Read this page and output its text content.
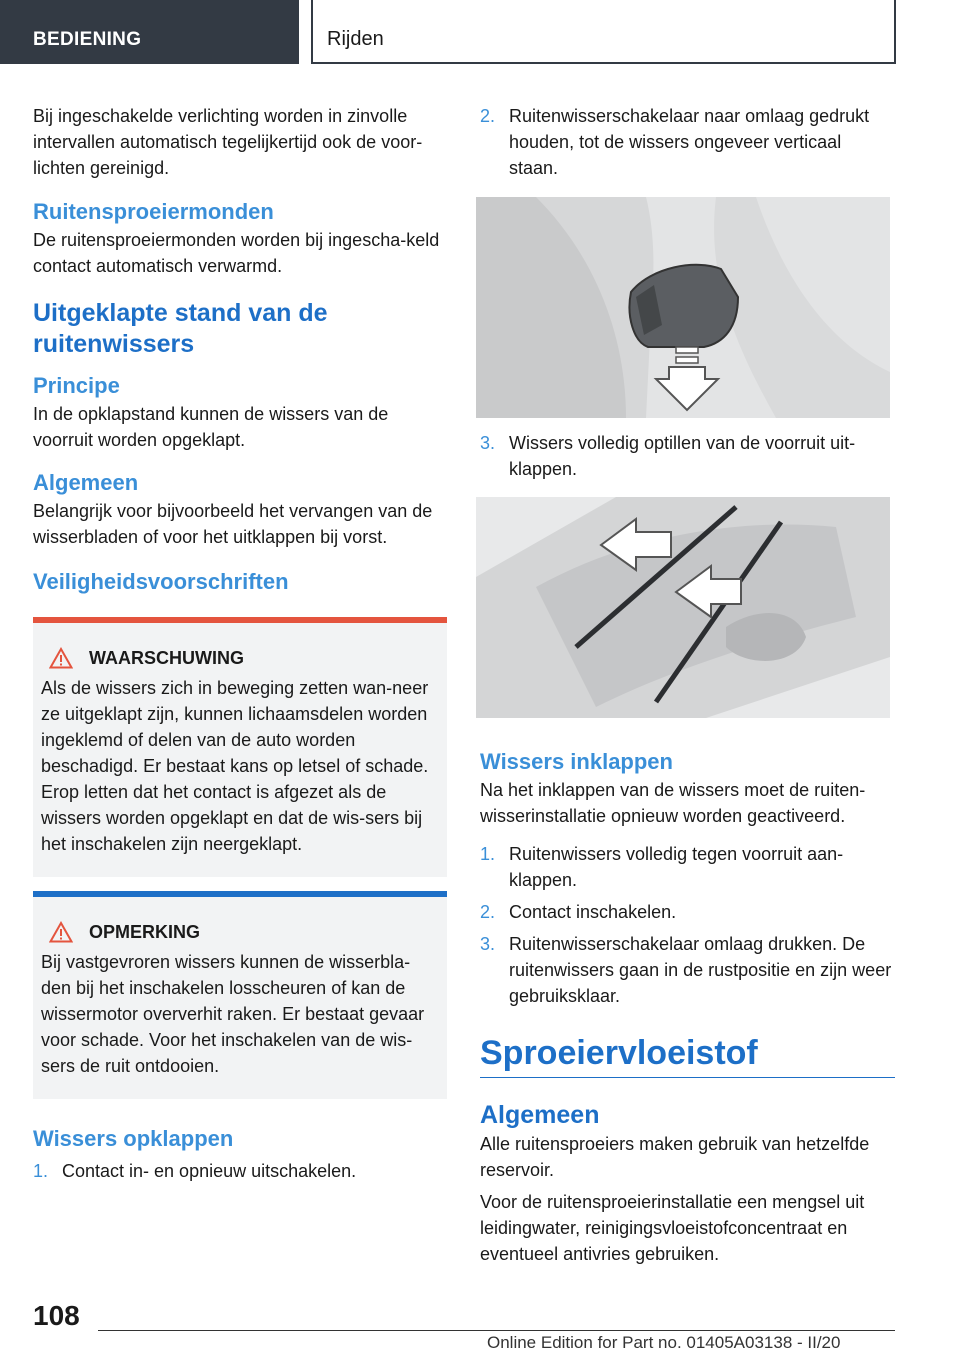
BEDIENING	Rijden

Bij ingeschakelde verlichting worden in zinvolle intervallen automatisch tegelijkertijd ook de voor-lichten gereinigd.

Ruitensproeiermonden

De ruitensproeiermonden worden bij ingescha-keld contact automatisch verwarmd.

Uitgeklapte stand van de ruitenwissers
Principe

In de opklapstand kunnen de wissers van de voorruit worden opgeklapt.

Algemeen

Belangrijk voor bijvoorbeeld het vervangen van de wisserbladen of voor het uitklappen bij vorst.

Veiligheidsvoorschriften
WAARSCHUWING

Als de wissers zich in beweging zetten wan-neer ze uitgeklapt zijn, kunnen lichaamsdelen worden ingeklemd of delen van de auto worden beschadigd. Er bestaat kans op letsel of schade. Erop letten dat het contact is afgezet als de wissers worden opgeklapt en dat de wis-sers bij het inschakelen zijn neergeklapt.

OPMERKING

Bij vastgevroren wissers kunnen de wisserbla-den bij het inschakelen losscheuren of kan de wissermotor oververhit raken. Er bestaat gevaar voor schade. Voor het inschakelen van de wis-sers de ruit ontdooien.

Wissers opklappen
1. Contact in- en opnieuw uitschakelen.
2. Ruitenwisserschakelaar naar omlaag gedrukt houden, tot de wissers ongeveer verticaal staan.
3. Wissers volledig optillen van de voorruit uit-klappen.
Wissers inklappen

Na het inklappen van de wissers moet de ruiten-wisserinstallatie opnieuw worden geactiveerd.

1. Ruitenwissers volledig tegen voorruit aan-klappen.
2. Contact inschakelen.
3. Ruitenwisserschakelaar omlaag drukken. De ruitenwissers gaan in de rustpositie en zijn weer gebruiksklaar.
Sproeiervloeistof
Algemeen

Alle ruitensproeiers maken gebruik van hetzelfde reservoir.

Voor de ruitensproeierinstallatie een mengsel uit leidingwater, reinigingsvloeistofconcentraat en eventueel antivries gebruiken.

108
Online Edition for Part no. 01405A03138 - II/20
